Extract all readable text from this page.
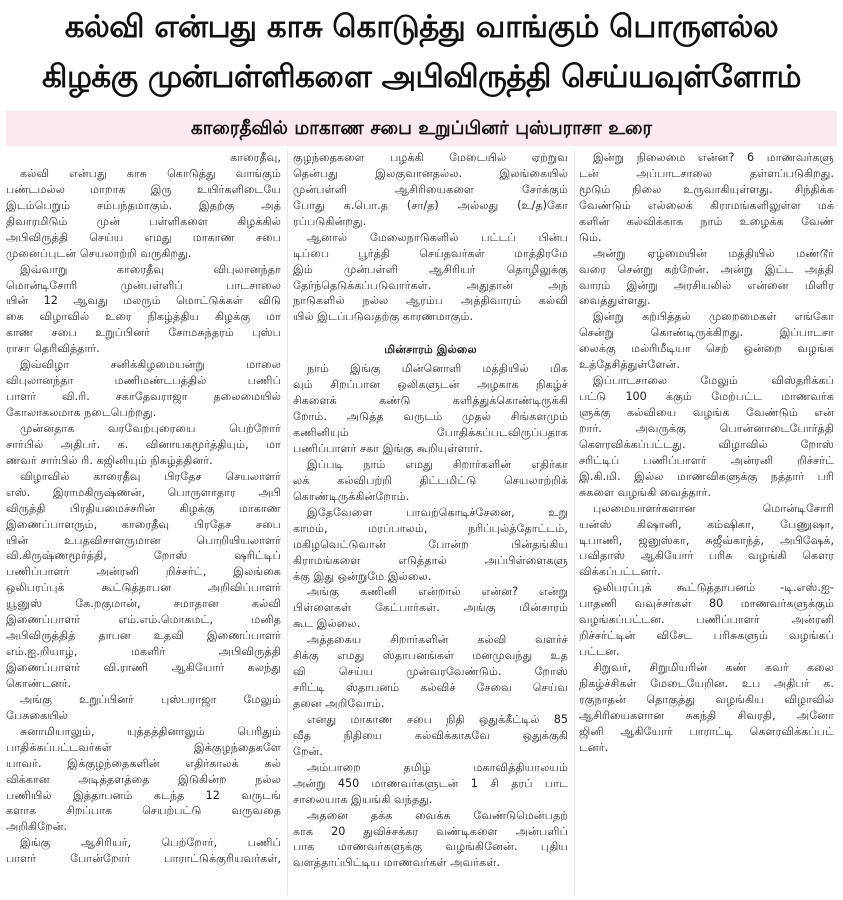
கல்வி என்பது காசு கொடுத்து வாங்கும் பொருளல்ல
கிழக்கு முன்பள்ளிகளை அபிவிருத்தி செய்யவுள்ளோம்
காரைதீவில் மாகாண சபை உறுப்பினர் புஸ்பராசா உரை
காரைதீவு,
கல்வி என்பது காசு கொடுத்து வாங்கும்
பண்டமல்ல மாறாக இரு உயிர்களிடையே
இடம்பெறும் சம்பந்தமாகும். இதற்கு அத்
திவாரமிடும் முன் பள்ளிகளை கிழக்கில்
அபிவிருத்தி செய்ய எமது மாகாண சபை
முனைப்புடன் செயலாற்றி வருகிறது.
இவ்வாறு காரைதீவு விபுலானந்தா
மொன்டிசோரி முன்பள்ளிப் பாடசாலை
யின் 12 ஆவது மலரும் மொட்டுக்கள் விடு
கை விழாவில் உரை நிகழ்த்திய கிழக்கு மா
காண சபை உறுப்பினர் சோமசுந்தரம் புஸ்ப
ராசா தெரிவித்தார்.
இவ்விழா சனிக்கிழமையன்று மாலை
விபுலானந்தா மணிமண்டபத்தில் பணிப்
பாளர் வி.ரி. சகாதேவராஜா தலைமையில்
கோலாகலமாக நடைபெற்றது.
முன்னதாக வரவேற்புரையை பெற்றோர்
சார்பில் அதிபர். க. வினாயகமூர்த்தியும், மா
ணவர் சார்பில் ரி. கஜினியும் நிகழ்த்தினர்.
விழாவில் காரைதீவு பிரதேச செயலாளர்
எஸ். இராமகிருஷ்ணன், பொருளாதார அபி
விருத்தி பிரதியமைச்சரின் கிழக்கு மாகாண
இணைப்பாளரும், காரைதீவு பிரதேச சபை
யின் உபதவிசாளருமான பொறியியலாளர்
வி.கிருஷ்ணமூர்த்தி, றோஸ் ஷரிட்டிப்
பணிப்பாளர் அன்ரனி றிச்சர்ட், இலங்கை
ஒலிபரப்புக் கூட்டுத்தாபன அறிவிப்பாளர்
யூனுஸ் கே.றகுமான், சமாதான கல்வி
இணைப்பாளர் எம்.எம்.மொகமட், மனித
அபிவிருத்தித் தாபன உதவி இணைப்பாளர்
எம்.ஐ.றியாழ், மகளிர் அபிவிருத்தி
இணைப்பாளர் வி.ராணி ஆகியோர் கலந்து
கொண்டனர்.
அங்கு உறுப்பினர் புஸ்பராஜா மேலும்
பேசுகையில்
சுனாமியாலும், யுத்தத்தினாலும் பெரிதும்
பாதிக்கப்பட்டவர்கள் இக்குழந்தைகளே
யாவர். இக்குழந்தைகளின் எதிர்காலக் கல்
விக்கான அடித்தளத்தை இடுகின்ற நல்ல
பணியில் இத்தாபனம் கடந்த 12 வருடங்
களாக சிறப்பாக செயற்பட்டு வருவதை
அறிகிறேன்.
இங்கு ஆசிரியர், பெற்றோர், பணிப்
பாளர் போன்றோர் பாராட்டுக்குரியவர்கள்,
குழந்தைகளை பழக்கி மேடையில் ஏற்றுவ
தென்பது இலகுவானதல்ல. இலங்கையில்
முன்பள்ளி ஆசிரியைகளை சேர்க்கும்
போது க.பொ.த (சா/த) அல்லது (உ/த)கோ
ரப்படுகின்றது.
ஆனால் மேலைநாடுகளில் பட்டப் பின்ப
டிப்பை பூர்த்தி செய்தவர்கள் மாத்திரமே
இம் முன்பள்ளி ஆசிரியர் தொழிலுக்கு
தேர்ந்தெடுக்கப்படுவார்கள். அதுதான் அந்
நாடுகளில் நல்ல ஆரம்ப அத்திவாரம் கல்வி
யில் இடப்படுவதற்கு காரணமாகும்.
மின்சாரம் இல்லை
நாம் இங்கு மின்னொளி மத்தியில் மிக
வும் சிறப்பான ஒலிகளுடன் அழகாக நிகழ்ச்
சிகளைக் கண்டு களித்துக்கொண்டிருக்கி
றோம். அடுத்த வருடம் முதல் சிங்களமும்
கணினியும் போதிக்கப்படவிருப்பதாக
பணிப்பாளர் சகா இங்கு கூறியுள்ளார்.
இப்படி நாம் எமது சிறார்களின் எதிர்கா
லக் கல்விபற்றி திட்டமிட்டு செயலாற்றிக்
கொண்டிருக்கின்றோம்.
இதேவேளை பாவற்கொடிச்சேனை, உறு
காமம், மரப்பாலம், நரிப்புல்த்தோட்டம்,
மகிழவெட்டுவான் போன்ற பின்தங்கிய
கிராமங்களை எடுத்தால் அப்பிள்ளைகளு
க்கு இது ஒன்றுமே இல்லை.
அங்கு கணினி என்றால் என்ன? என்று
பிள்ளைகள் கேட்பார்கள். அங்கு மின்சாரம்
கூட இல்லை.
அத்தகைய சிறார்களின் கல்வி வளர்ச்
சிக்கு எமது ஸ்தாபனங்கள் மனமுவந்து உத
வி செய்ய முன்வரவேண்டும். றோஸ்
சரிட்டி ஸ்தாபனம் கல்விச் சேவை செய்வ
தனை அறிவோம்.
எனது மாகாண சபை நிதி ஒதுக்கீட்டில் 85
வீத நிதியை கல்விக்காகவே ஒதுக்குகி
றேன்.
அம்பாறை தமிழ் மகாவித்தியாலயம்
அன்று 450 மாணவர்களுடன் 1 சி தரப் பாட
சாலையாக இயங்கி வந்தது.
அதனை தக்க வைக்க வேண்டுமென்பதற்
காக 20 துவிச்சக்கர வண்டிகளை அன்பளிப்
பாக மாணவர்களுக்கு வழங்கினேன். புதிய
வளத்தாப்பிட்டிய மாணவர்கள் அவர்கள்.
இன்று நிலைமை என்ன? 6 மாணவர்களு
டன் அப்பாடசாலை தள்ளப்படுகிறது.
மூடும் நிலை உருவாகியுள்ளது. சிந்திக்க
வேண்டும் எல்லைக் கிராமங்களிலுள்ள மக்
களின் கல்விக்காக நாம் உழைக்க வேண்
டும்.
அன்று ஏழ்மையின் மத்தியில் மண்டூர்
வரை சென்று கற்றேன். அன்று இட்ட அத்தி
வாரம் இன்று அரசியலில் என்னை மிளிர
வைத்துள்ளது.
இன்று கற்பித்தல் முறைமைகள் எங்கோ
சென்று கொண்டிருக்கிறது. இப்பாடசா
லைக்கு மல்ரிமீடியா செற் ஒன்றை வழங்க
உத்தேசித்துள்ளேன்.
இப்பாடசாலை மேலும் விஸ்தரிக்கப்
பட்டு 100 க்கும் மேற்பட்ட மாணவர்க
ளுக்கு கல்வியை வழங்க வேண்டும் என்
றார். அவருக்கு பொன்னாடைபோர்த்தி
கௌரவிக்கப்பட்டது. விழாவில் றோஸ்
சரிட்டிப் பணிப்பாளர் அன்ரனி றிச்சர்ட்
இ.கி.மி. இல்ல மாணவிகளுக்கு நத்தார் பரி
சுகளை வழங்கி வைத்தார்.
புலமையாளர்களான மொன்டிசோரி
யன்ஸ் கிஷானி, கம்ஷிகா, பேணுஷா,
டிபாணி, ஜனுஸ்கா, சுஜீவ்காந்த், அபிஷேக்,
பவிதாஸ் ஆகியோர் பரிசு வழங்கி கௌர
விக்கப்பட்டனர்.
ஒலிபரப்புக் கூட்டுத்தாபனம் -டி.எஸ்.ஐ-
பாதணி வவுச்சர்கள் 80 மாணவர்களுக்கும்
வழங்கப்பட்டன. பணிப்பாளர் அன்ரனி
றிச்சர்ட்டின் விசேட பரிசுகளும் வழங்கப்
பட்டன.
சிறுவர், சிறுமியரின் கண் கவர் கலை
நிகழ்ச்சிகள் மேடையேறின. உப அதிபர் க.
ரகுநாதன் தொகுத்து வழங்கிய விழாவில்
ஆசிரியைகளான சுகந்தி சிவரதி, அனோ
ஜினி ஆகியோர் பாராட்டி கௌரவிக்கப்பட்
டனர்.
